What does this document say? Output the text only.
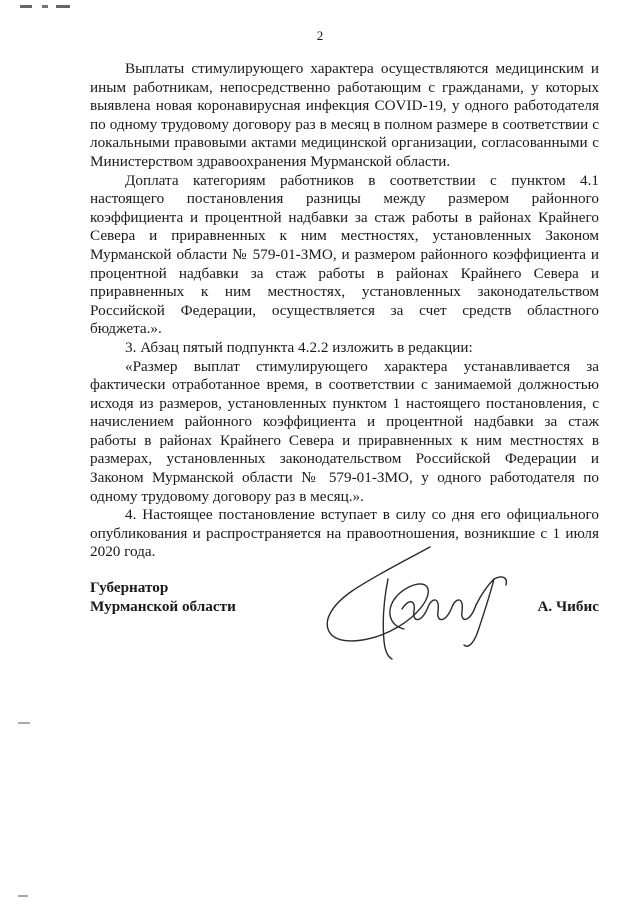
2

Выплаты стимулирующего характера осуществляются медицинским и иным работникам, непосредственно работающим с гражданами, у которых выявлена новая коронавирусная инфекция COVID-19, у одного работодателя по одному трудовому договору раз в месяц в полном размере в соответствии с локальными правовыми актами медицинской организации, согласованными с Министерством здравоохранения Мурманской области.

Доплата категориям работников в соответствии с пунктом 4.1 настоящего постановления разницы между размером районного коэффициента и процентной надбавки за стаж работы в районах Крайнего Севера и приравненных к ним местностях, установленных Законом Мурманской области № 579-01-ЗМО, и размером районного коэффициента и процентной надбавки за стаж работы в районах Крайнего Севера и приравненных к ним местностях, установленных законодательством Российской Федерации, осуществляется за счет средств областного бюджета.».

3. Абзац пятый подпункта 4.2.2 изложить в редакции:

«Размер выплат стимулирующего характера устанавливается за фактически отработанное время, в соответствии с занимаемой должностью исходя из размеров, установленных пунктом 1 настоящего постановления, с начислением районного коэффициента и процентной надбавки за стаж работы в районах Крайнего Севера и приравненных к ним местностях в размерах, установленных законодательством Российской Федерации и Законом Мурманской области № 579-01-ЗМО, у одного работодателя по одному трудовому договору раз в месяц.».

4. Настоящее постановление вступает в силу со дня его официального опубликования и распространяется на правоотношения, возникшие с 1 июля 2020 года.

Губернатор
Мурманской области	А. Чибис
